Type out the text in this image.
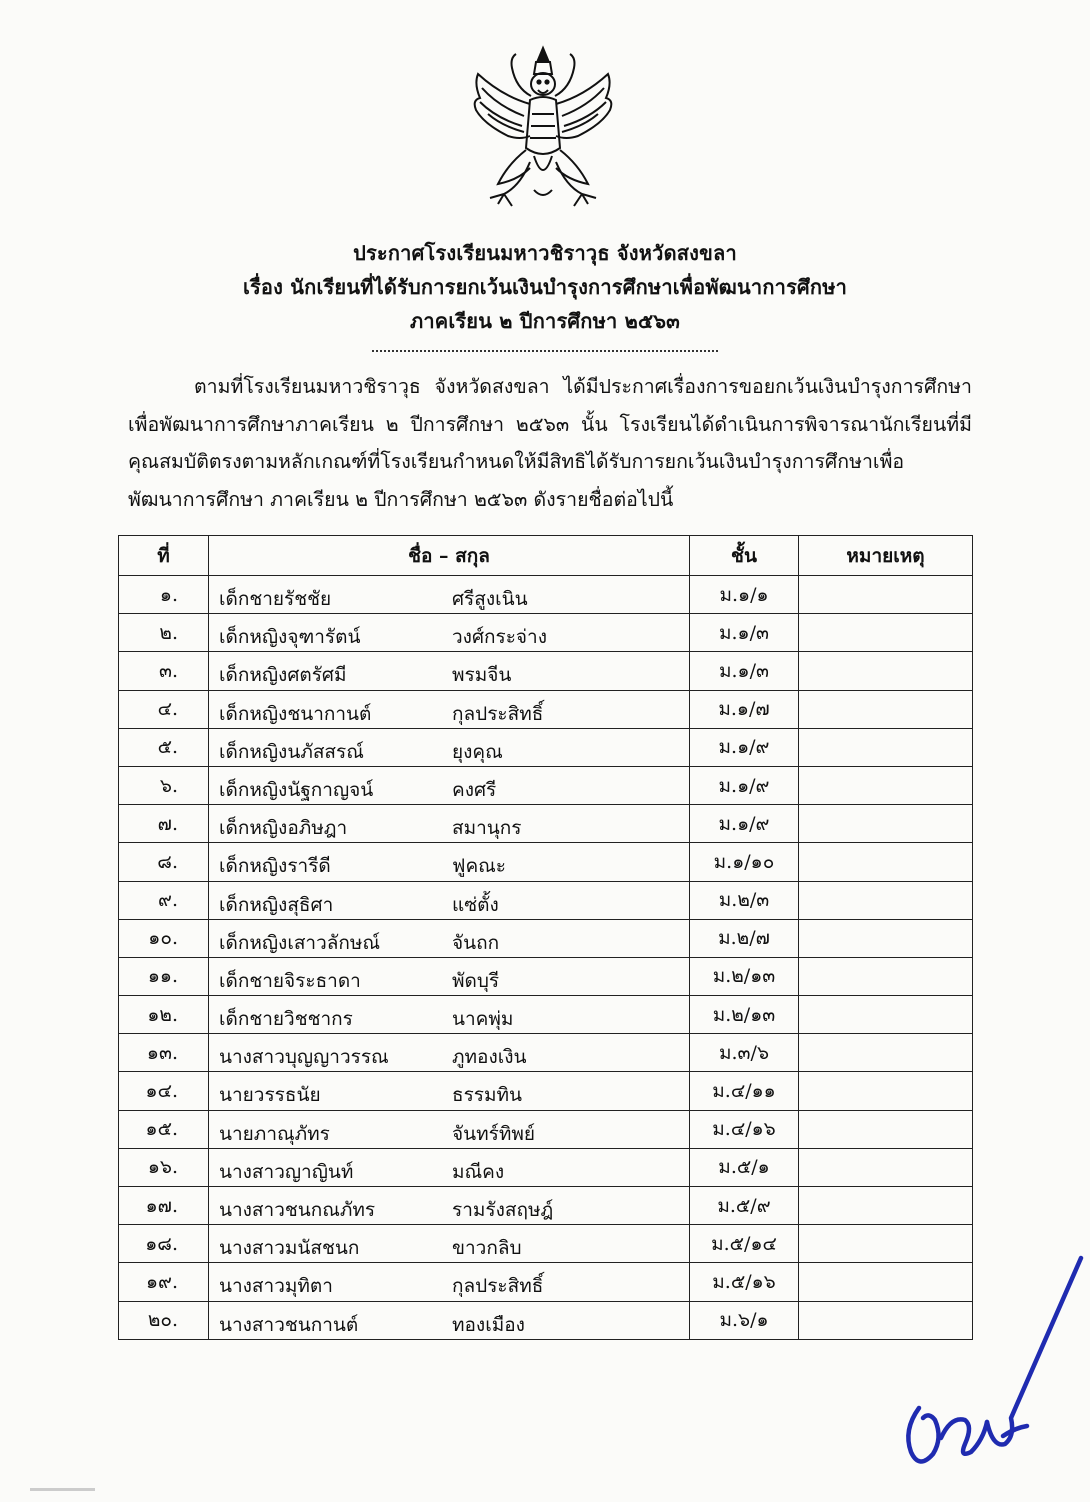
ประกาศโรงเรียนมหาวชิราวุธ จังหวัดสงขลา
เรื่อง นักเรียนที่ได้รับการยกเว้นเงินบำรุงการศึกษาเพื่อพัฒนาการศึกษา
ภาคเรียน ๒ ปีการศึกษา ๒๕๖๓
ตามที่โรงเรียนมหาวชิราวุธ จังหวัดสงขลา ได้มีประกาศเรื่องการขอยกเว้นเงินบำรุงการศึกษาเพื่อพัฒนาการศึกษาภาคเรียน ๒ ปีการศึกษา ๒๕๖๓ นั้น โรงเรียนได้ดำเนินการพิจารณานักเรียนที่มีคุณสมบัติตรงตามหลักเกณฑ์ที่โรงเรียนกำหนดให้มีสิทธิได้รับการยกเว้นเงินบำรุงการศึกษาเพื่อพัฒนาการศึกษา ภาคเรียน ๒ ปีการศึกษา ๒๕๖๓ ดังรายชื่อต่อไปนี้
ที่	ชื่อ – สกุล	ชั้น	หมายเหตุ
๑.	เด็กชายรัชชัย ศรีสูงเนิน	ม.๑/๑	
๒.	เด็กหญิงจุฑารัตน์ วงศ์กระจ่าง	ม.๑/๓	
๓.	เด็กหญิงศตรัศมี พรมจีน	ม.๑/๓	
๔.	เด็กหญิงชนากานต์ กุลประสิทธิ์	ม.๑/๗	
๕.	เด็กหญิงนภัสสรณ์ ยุงคุณ	ม.๑/๙	
๖.	เด็กหญิงนัฐกาญจน์ คงศรี	ม.๑/๙	
๗.	เด็กหญิงอภิษฎา สมานุกร	ม.๑/๙	
๘.	เด็กหญิงรารีดี ฟูคณะ	ม.๑/๑๐	
๙.	เด็กหญิงสุธิศา แซ่ตั้ง	ม.๒/๓	
๑๐.	เด็กหญิงเสาวลักษณ์ จันถก	ม.๒/๗	
๑๑.	เด็กชายจิระธาดา พัดบุรี	ม.๒/๑๓	
๑๒.	เด็กชายวิชชากร นาคพุ่ม	ม.๒/๑๓	
๑๓.	นางสาวบุญญาวรรณ ภูทองเงิน	ม.๓/๖	
๑๔.	นายวรรธนัย ธรรมทิน	ม.๔/๑๑	
๑๕.	นายภาณุภัทร จันทร์ทิพย์	ม.๔/๑๖	
๑๖.	นางสาวญาญินท์ มณีคง	ม.๕/๑	
๑๗.	นางสาวชนกณภัทร รามรังสฤษฎ์	ม.๕/๙	
๑๘.	นางสาวมนัสชนก ขาวกลิบ	ม.๕/๑๔	
๑๙.	นางสาวมุทิตา กุลประสิทธิ์	ม.๕/๑๖	
๒๐.	นางสาวชนกานต์ ทองเมือง	ม.๖/๑	
